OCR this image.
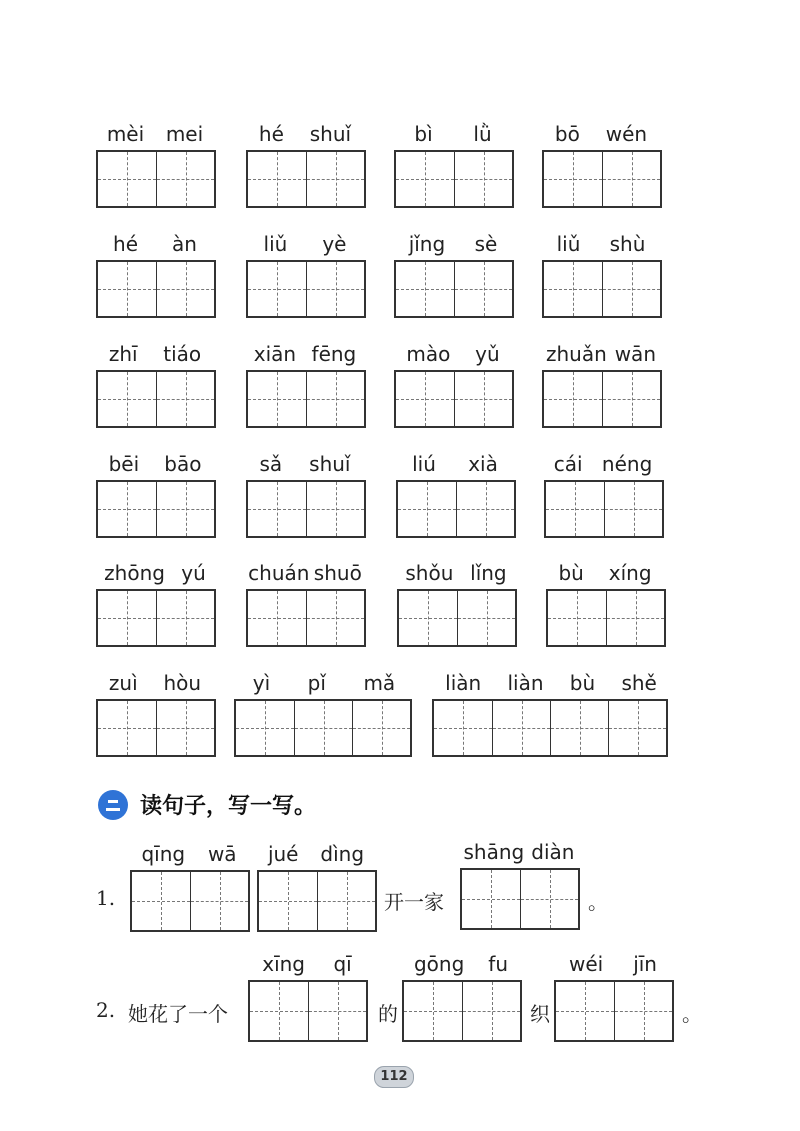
mèi mei	hé shuǐ	bì lǜ	bō wén
hé àn	liǔ yè	jǐng sè	liǔ shù
zhī tiáo	xiān fēng	mào yǔ zhuǎn wān
bēi bāo	sǎ shuǐ	liú xià	cái néng
zhōng yú chuán shuō shǒu lǐng	bù xíng
zuì hòu	yì pǐ mǎ liàn liàn bù shě
读句子，写一写。
1.
qīng wā jué dìng
开一家
shāng diàn
。
2. 她花了一个
xīng qī
的
gōng fu
织
wéi jīn
。
112
